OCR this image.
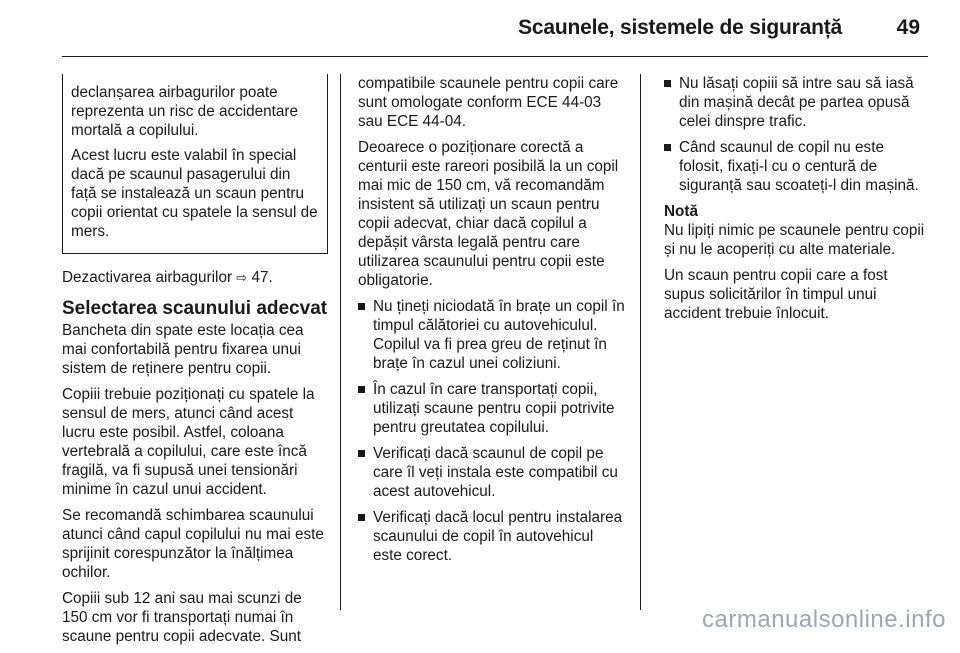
Scaunele, sistemele de siguranță	49

declanșarea airbagurilor poate reprezenta un risc de accidentare mortală a copilului.

Acest lucru este valabil în special dacă pe scaunul pasagerului din față se instalează un scaun pentru copii orientat cu spatele la sensul de mers.

Dezactivarea airbagurilor ⇨ 47.

Selectarea scaunului adecvat

Bancheta din spate este locația cea mai confortabilă pentru fixarea unui sistem de reținere pentru copii.

Copiii trebuie poziționați cu spatele la sensul de mers, atunci când acest lucru este posibil. Astfel, coloana vertebrală a copilului, care este încă fragilă, va fi supusă unei tensionări minime în cazul unui accident.

Se recomandă schimbarea scaunului atunci când capul copilului nu mai este sprijinit corespunzător la înălțimea ochilor.

Copiii sub 12 ani sau mai scunzi de 150 cm vor fi transportați numai în scaune pentru copii adecvate. Sunt

compatibile scaunele pentru copii care sunt omologate conform ECE 44-03 sau ECE 44-04.

Deoarece o poziționare corectă a centurii este rareori posibilă la un copil mai mic de 150 cm, vă recomandăm insistent să utilizați un scaun pentru copii adecvat, chiar dacă copilul a depășit vârsta legală pentru care utilizarea scaunului pentru copii este obligatorie.

Nu țineți niciodată în brațe un copil în timpul călătoriei cu autovehiculul. Copilul va fi prea greu de reținut în brațe în cazul unei coliziuni.
În cazul în care transportați copii, utilizați scaune pentru copii potrivite pentru greutatea copilului.
Verificați dacă scaunul de copil pe care îl veți instala este compatibil cu acest autovehicul.
Verificați dacă locul pentru instalarea scaunului de copil în autovehicul este corect.
Nu lăsați copiii să intre sau să iasă din mașină decât pe partea opusă celei dinspre trafic.
Când scaunul de copil nu este folosit, fixați-l cu o centură de siguranță sau scoateți-l din mașină.
Notă

Nu lipiți nimic pe scaunele pentru copii și nu le acoperiți cu alte materiale.

Un scaun pentru copii care a fost supus solicitărilor în timpul unui accident trebuie înlocuit.

carmanualsonline.info
